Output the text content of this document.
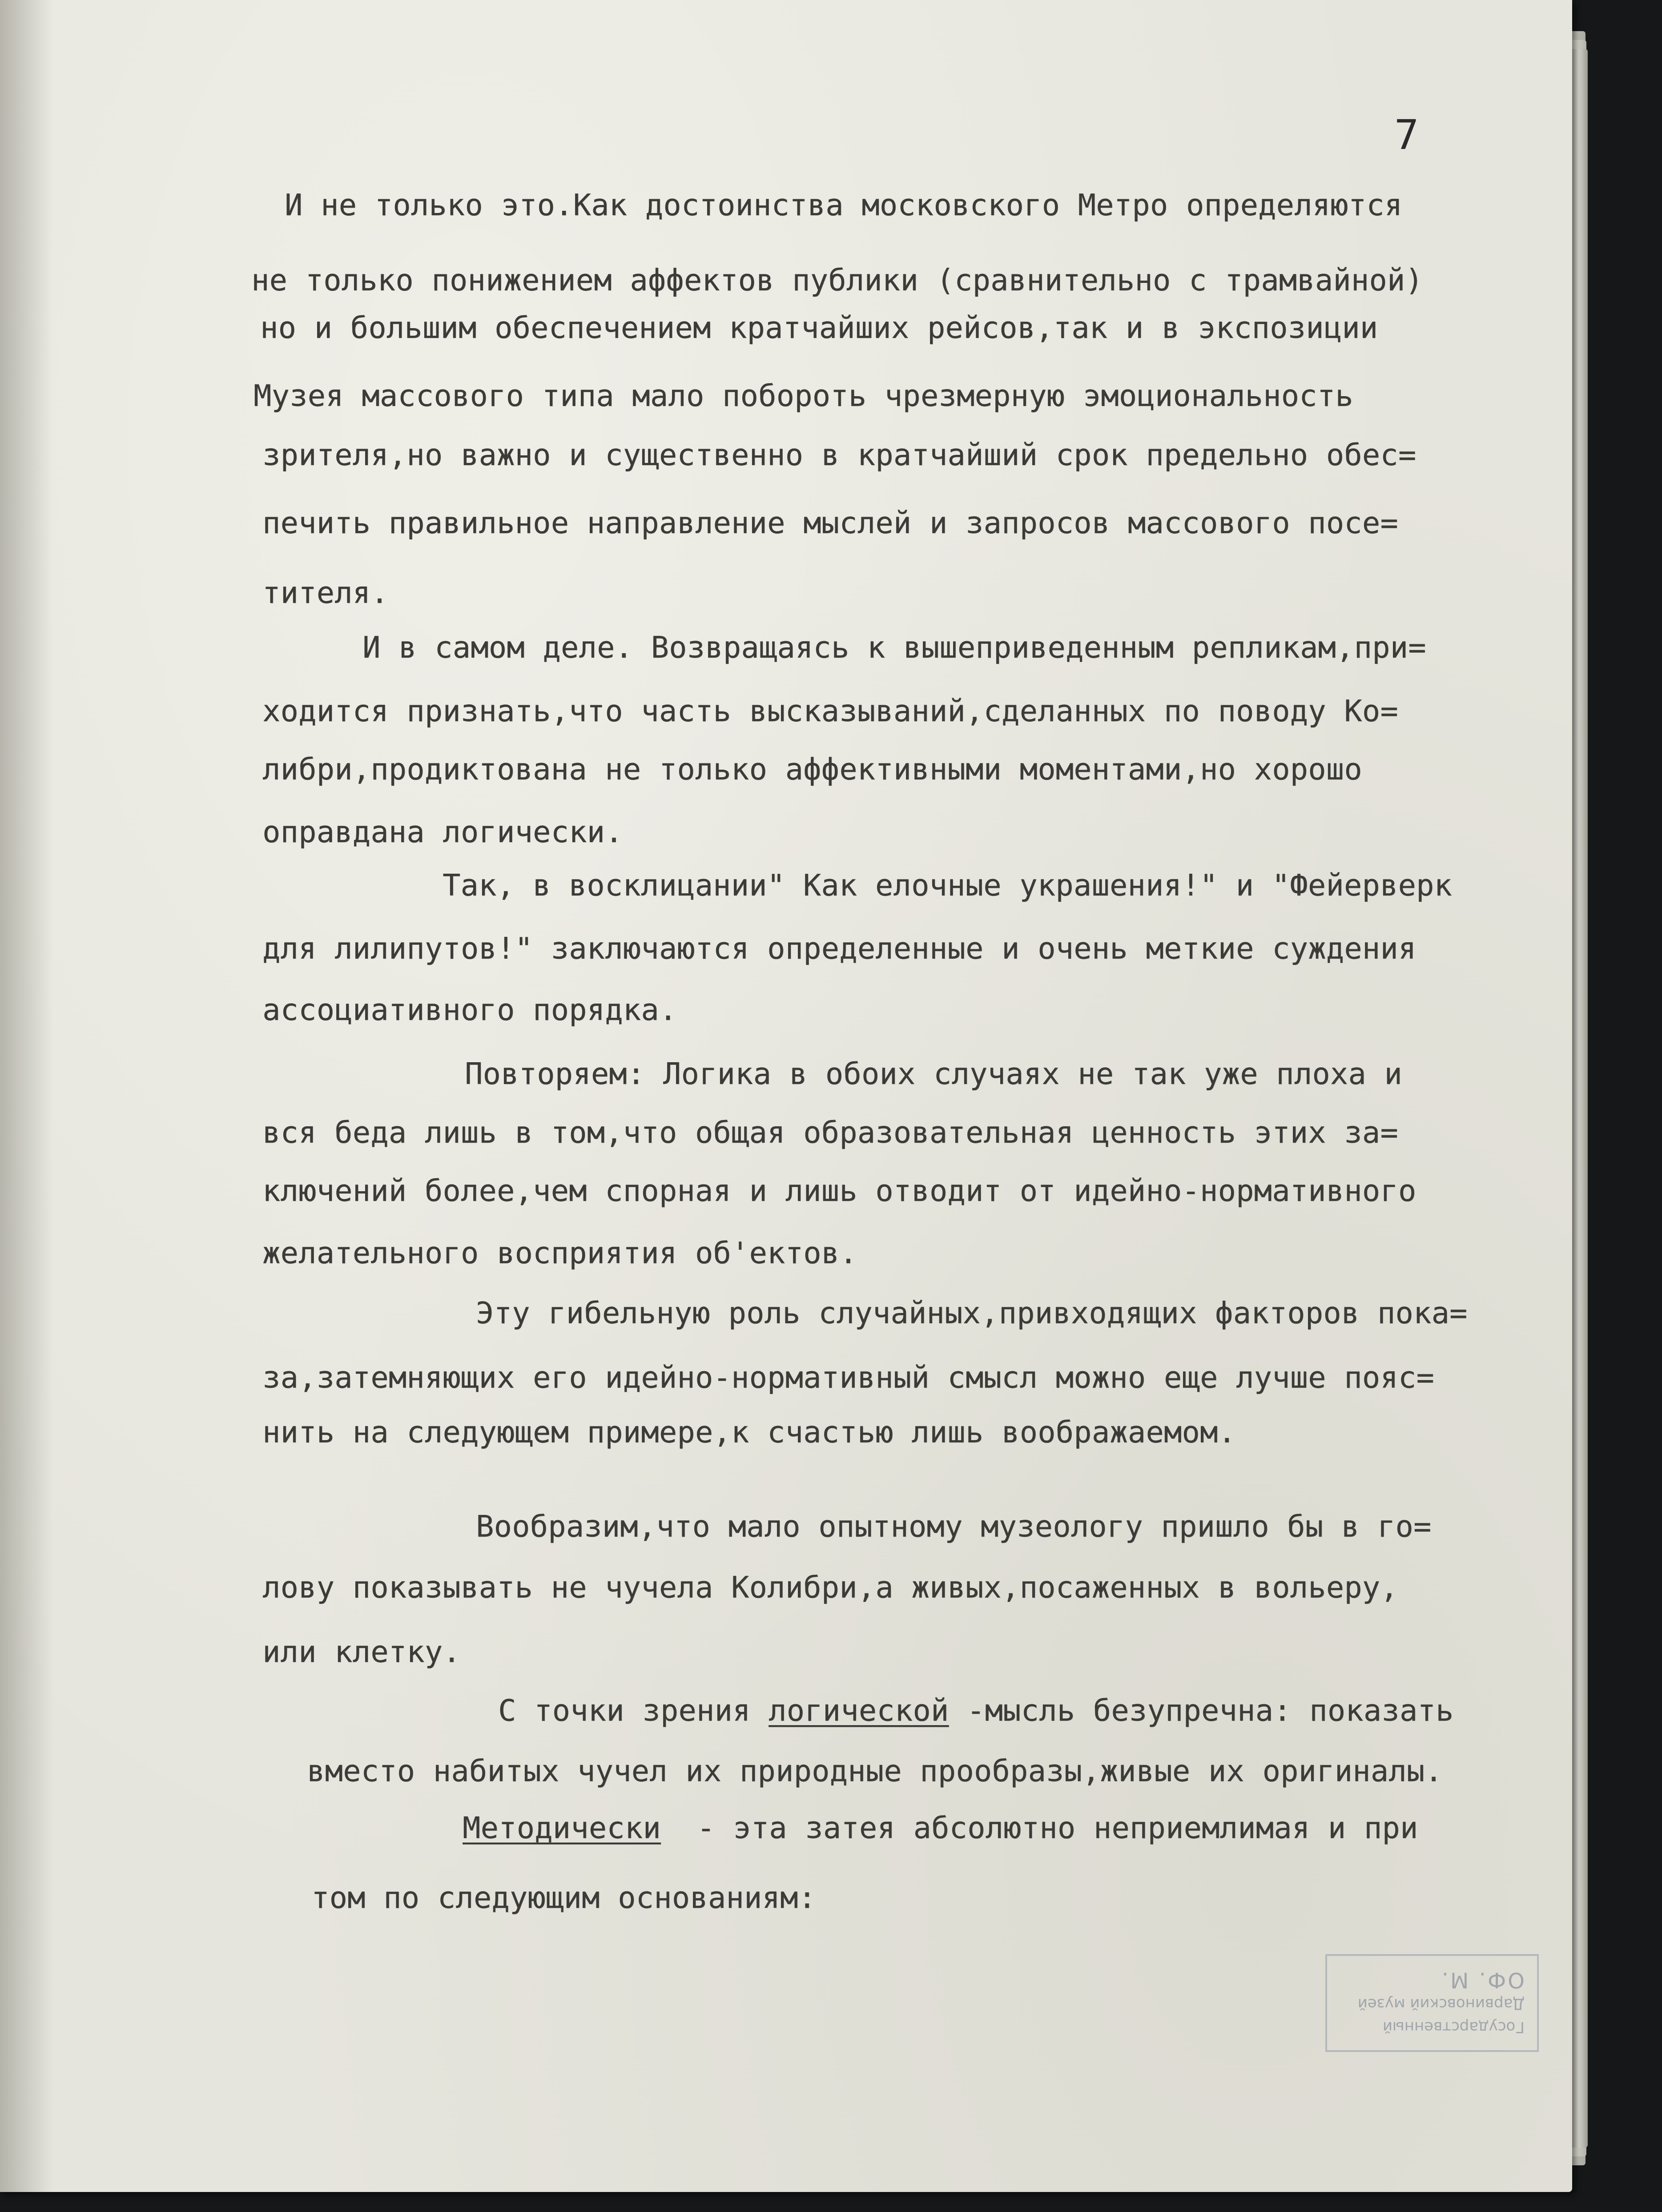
7

И не только это.Как достоинства московского Метро определяются

не только понижением аффектов публики (сравнительно с трамвайной)

но и большим обеспечением кратчайших рейсов,так и в экспозиции

Музея массового типа мало побороть чрезмерную эмоциональность

зрителя,но важно и существенно в кратчайший срок предельно обес=

печить правильное направление мыслей и запросов массового посе=

тителя.

И в самом деле. Возвращаясь к вышеприведенным репликам,при=

ходится признать,что часть высказываний,сделанных по поводу Ко=

либри,продиктована не только аффективными моментами,но хорошо

оправдана логически.

Так, в восклицании" Как елочные украшения!" и "Фейерверк

для лилипутов!" заключаются определенные и очень меткие суждения

ассоциативного порядка.

Повторяем: Логика в обоих случаях не так уже плоха и

вся беда лишь в том,что общая образовательная ценность этих за=

ключений более,чем спорная и лишь отводит от идейно-нормативного

желательного восприятия об'ектов.

Эту гибельную роль случайных,привходящих факторов пока=

за,затемняющих его идейно-нормативный смысл можно еще лучше пояс=

нить на следующем примере,к счастью лишь воображаемом.

Вообразим,что мало опытному музеологу пришло бы в го=

лову показывать не чучела Колибри,а живых,посаженных в вольеру,

или клетку.

С точки зрения логической -мысль безупречна: показать

вместо набитых чучел их природные прообразы,живые их оригиналы.

Методически  - эта затея абсолютно неприемлимая и при

том по следующим основаниям:

Государственный
Дарвиновский музей
ОФ. М.
